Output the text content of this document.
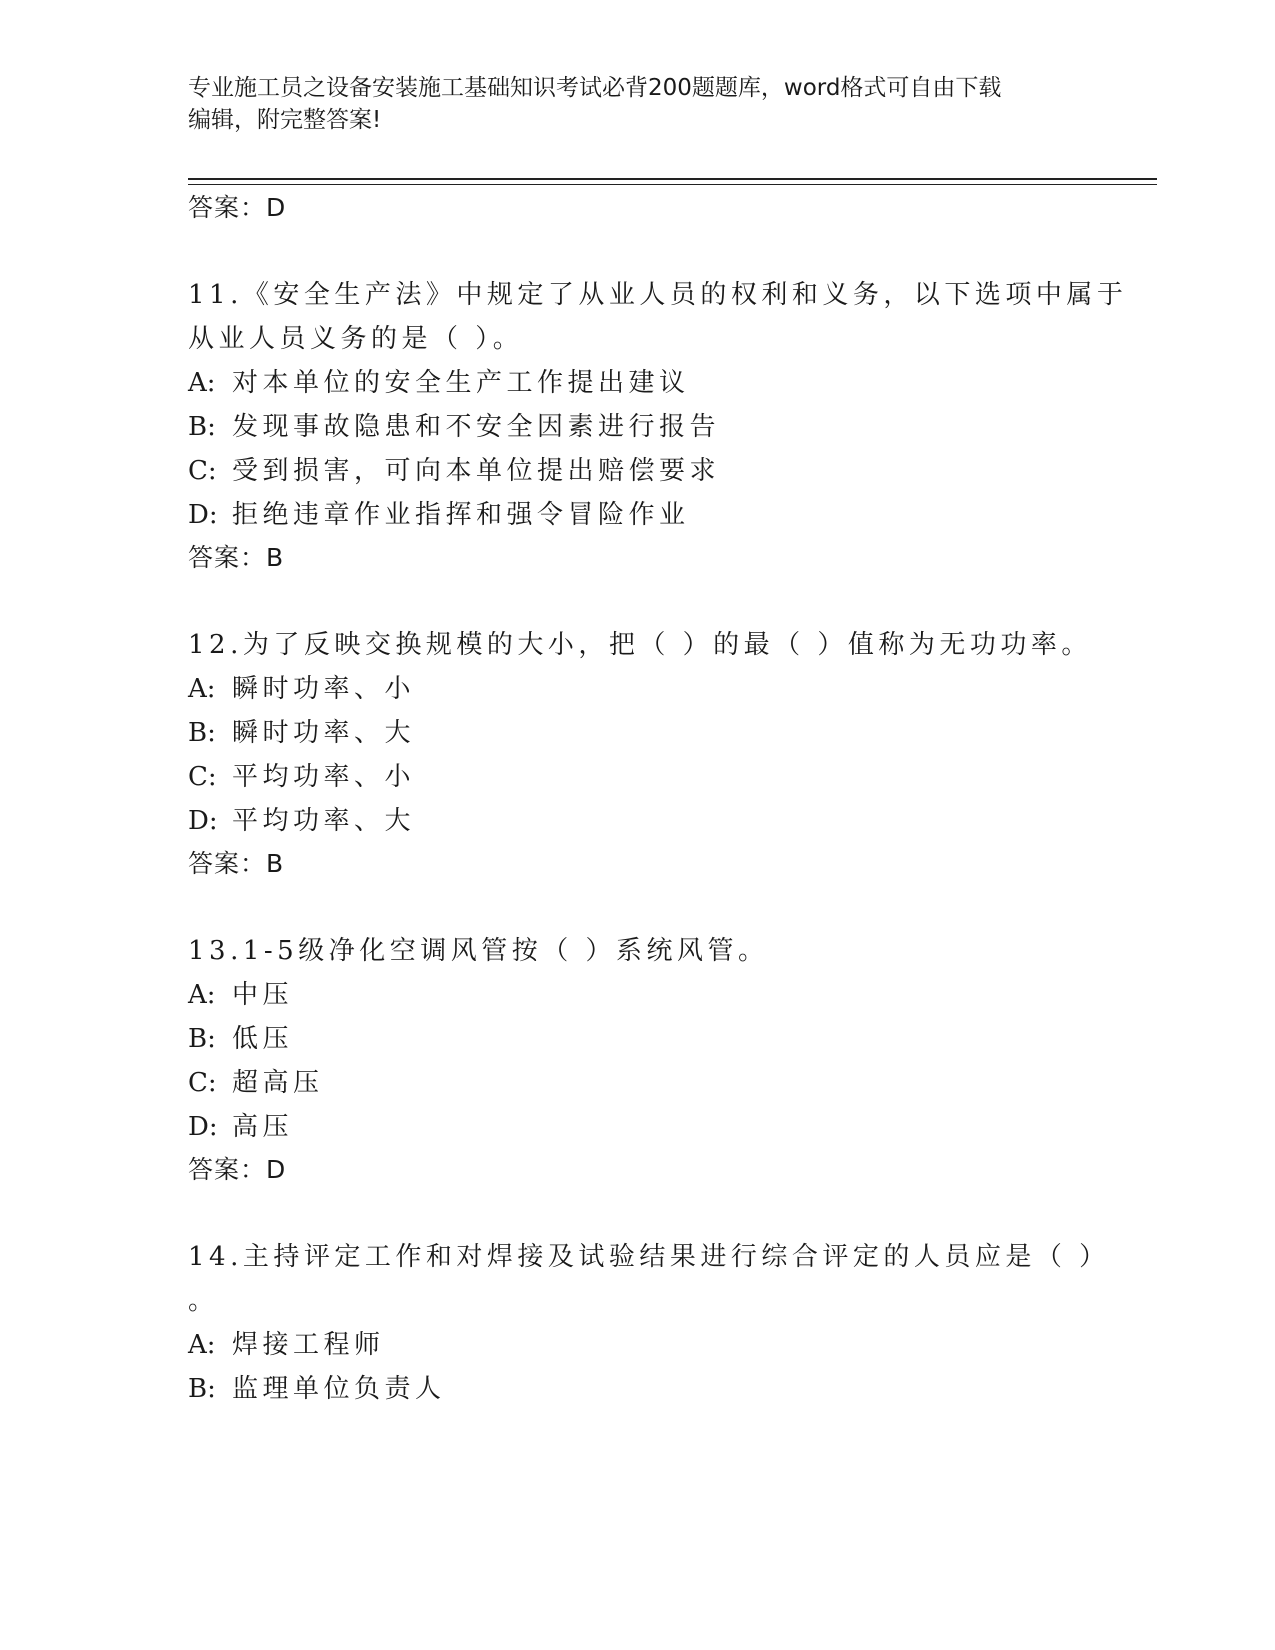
专业施工员之设备安装施工基础知识考试必背200题题库，word格式可自由下载
编辑，附完整答案!
答案：D
11.《安全生产法》中规定了从业人员的权利和义务，以下选项中属于
从业人员义务的是（ ）。
A: 对本单位的安全生产工作提出建议
B: 发现事故隐患和不安全因素进行报告
C: 受到损害，可向本单位提出赔偿要求
D: 拒绝违章作业指挥和强令冒险作业
答案：B
12.为了反映交换规模的大小，把（ ）的最（ ）值称为无功功率。
A: 瞬时功率、小
B: 瞬时功率、大
C: 平均功率、小
D: 平均功率、大
答案：B
13.1-5级净化空调风管按（ ）系统风管。
A: 中压
B: 低压
C: 超高压
D: 高压
答案：D
14.主持评定工作和对焊接及试验结果进行综合评定的人员应是（ ）
。
A: 焊接工程师
B: 监理单位负责人
